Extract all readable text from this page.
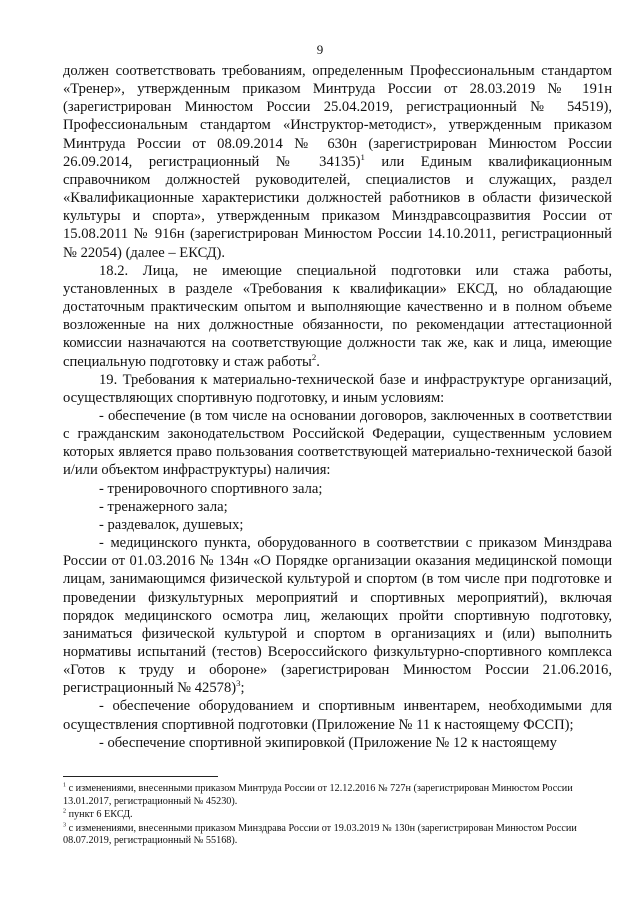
9

должен соответствовать требованиям, определенным Профессиональным стандартом «Тренер», утвержденным приказом Минтруда России от 28.03.2019 № 191н (зарегистрирован Минюстом России 25.04.2019, регистрационный № 54519), Профессиональным стандартом «Инструктор-методист», утвержденным приказом Минтруда России от 08.09.2014 № 630н (зарегистрирован Минюстом России 26.09.2014, регистрационный № 34135)$^1$ или Единым квалификационным справочником должностей руководителей, специалистов и служащих, раздел «Квалификационные характеристики должностей работников в области физической культуры и спорта», утвержденным приказом Минздравсоцразвития России от 15.08.2011 № 916н (зарегистрирован Минюстом России 14.10.2011, регистрационный № 22054) (далее – ЕКСД).

18.2. Лица, не имеющие специальной подготовки или стажа работы, установленных в разделе «Требования к квалификации» ЕКСД, но обладающие достаточным практическим опытом и выполняющие качественно и в полном объеме возложенные на них должностные обязанности, по рекомендации аттестационной комиссии назначаются на соответствующие должности так же, как и лица, имеющие специальную подготовку и стаж работы$^2$.

19. Требования к материально-технической базе и инфраструктуре организаций, осуществляющих спортивную подготовку, и иным условиям:

- обеспечение (в том числе на основании договоров, заключенных в соответствии с гражданским законодательством Российской Федерации, существенным условием которых является право пользования соответствующей материально-технической базой и/или объектом инфраструктуры) наличия:

- тренировочного спортивного зала;

- тренажерного зала;

- раздевалок, душевых;

- медицинского пункта, оборудованного в соответствии с приказом Минздрава России от 01.03.2016 № 134н «О Порядке организации оказания медицинской помощи лицам, занимающимся физической культурой и спортом (в том числе при подготовке и проведении физкультурных мероприятий и спортивных мероприятий), включая порядок медицинского осмотра лиц, желающих пройти спортивную подготовку, заниматься физической культурой и спортом в организациях и (или) выполнить нормативы испытаний (тестов) Всероссийского физкультурно-спортивного комплекса «Готов к труду и обороне» (зарегистрирован Минюстом России 21.06.2016, регистрационный № 42578)$^3$;

- обеспечение оборудованием и спортивным инвентарем, необходимыми для осуществления спортивной подготовки (Приложение № 11 к настоящему ФССП);

- обеспечение спортивной экипировкой (Приложение № 12 к настоящему

$^1$ с изменениями, внесенными приказом Минтруда России от 12.12.2016 № 727н (зарегистрирован Минюстом России 13.01.2017, регистрационный № 45230).

$^2$ пункт 6 ЕКСД.

$^3$ с изменениями, внесенными приказом Минздрава России от 19.03.2019 № 130н (зарегистрирован Минюстом России 08.07.2019, регистрационный № 55168).
